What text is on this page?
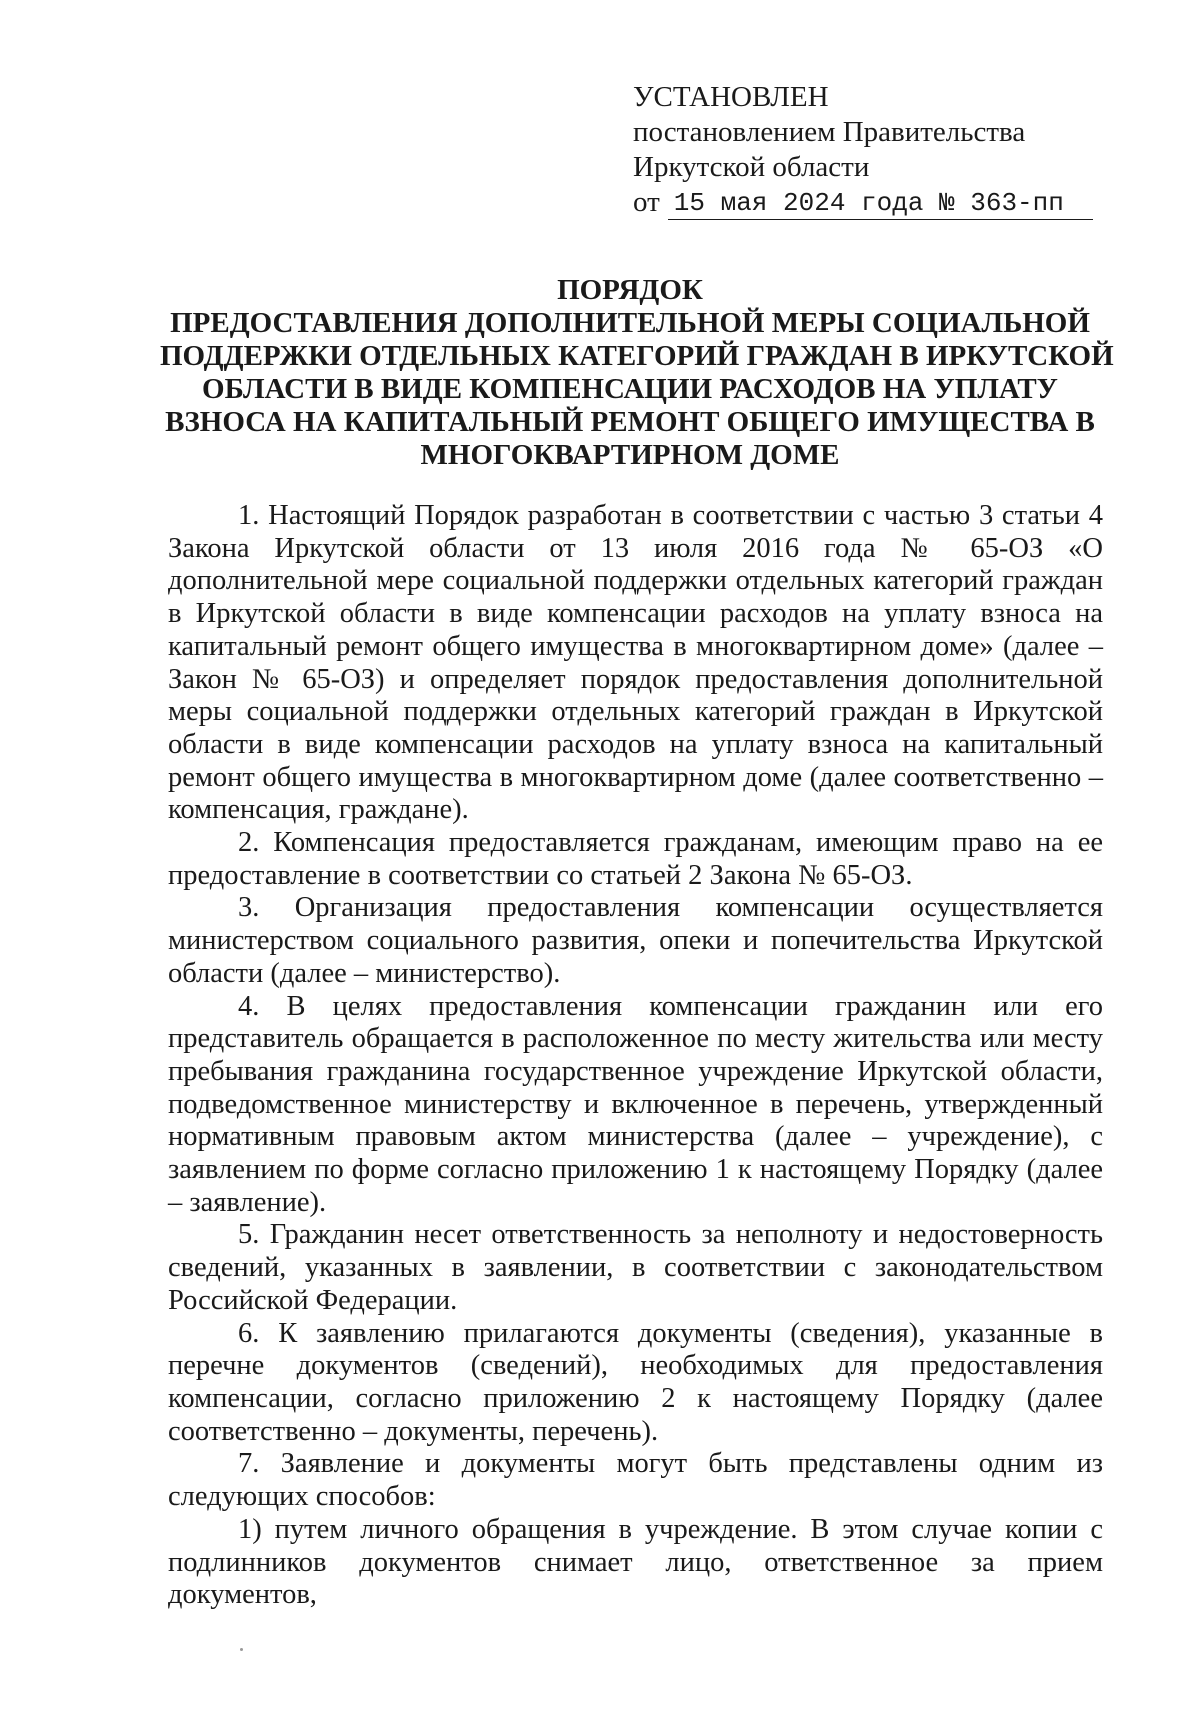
УСТАНОВЛЕН
постановлением Правительства
Иркутской области
от 15 мая 2024 года № 363-пп
ПОРЯДОК
ПРЕДОСТАВЛЕНИЯ ДОПОЛНИТЕЛЬНОЙ МЕРЫ СОЦИАЛЬНОЙ
ПОДДЕРЖКИ ОТДЕЛЬНЫХ КАТЕГОРИЙ ГРАЖДАН В ИРКУТСКОЙ
ОБЛАСТИ В ВИДЕ КОМПЕНСАЦИИ РАСХОДОВ НА УПЛАТУ
ВЗНОСА НА КАПИТАЛЬНЫЙ РЕМОНТ ОБЩЕГО ИМУЩЕСТВА В
МНОГОКВАРТИРНОМ ДОМЕ

1. Настоящий Порядок разработан в соответствии с частью 3 статьи 4 Закона Иркутской области от 13 июля 2016 года № 65-ОЗ «О дополнительной мере социальной поддержки отдельных категорий граждан в Иркутской области в виде компенсации расходов на уплату взноса на капитальный ремонт общего имущества в многоквартирном доме» (далее – Закон № 65-ОЗ) и определяет порядок предоставления дополнительной меры социальной поддержки отдельных категорий граждан в Иркутской области в виде компенсации расходов на уплату взноса на капитальный ремонт общего имущества в многоквартирном доме (далее соответственно – компенсация, граждане).

2. Компенсация предоставляется гражданам, имеющим право на ее предоставление в соответствии со статьей 2 Закона № 65-ОЗ.

3. Организация предоставления компенсации осуществляется министерством социального развития, опеки и попечительства Иркутской области (далее – министерство).

4. В целях предоставления компенсации гражданин или его представитель обращается в расположенное по месту жительства или месту пребывания гражданина государственное учреждение Иркутской области, подведомственное министерству и включенное в перечень, утвержденный нормативным правовым актом министерства (далее – учреждение), с заявлением по форме согласно приложению 1 к настоящему Порядку (далее – заявление).

5. Гражданин несет ответственность за неполноту и недостоверность сведений, указанных в заявлении, в соответствии с законодательством Российской Федерации.

6. К заявлению прилагаются документы (сведения), указанные в перечне документов (сведений), необходимых для предоставления компенсации, согласно приложению 2 к настоящему Порядку (далее соответственно – документы, перечень).

7. Заявление и документы могут быть представлены одним из следующих способов:

1) путем личного обращения в учреждение. В этом случае копии с подлинников документов снимает лицо, ответственное за прием документов,
